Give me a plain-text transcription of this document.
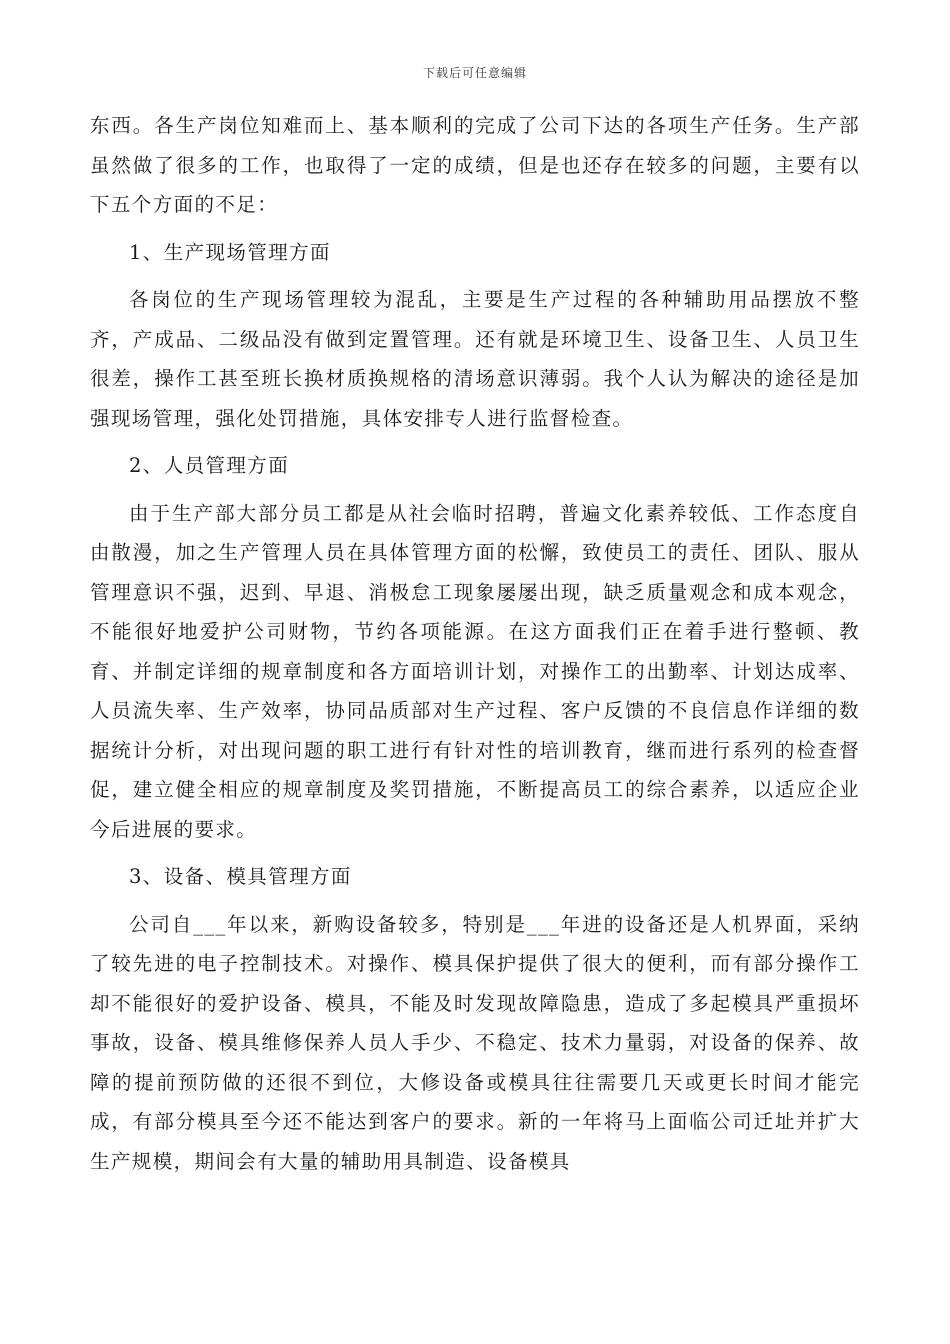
下载后可任意编辑

东西。各生产岗位知难而上、基本顺利的完成了公司下达的各项生产任务。生产部虽然做了很多的工作，也取得了一定的成绩，但是也还存在较多的问题，主要有以下五个方面的不足：

1、生产现场管理方面

各岗位的生产现场管理较为混乱，主要是生产过程的各种辅助用品摆放不整齐，产成品、二级品没有做到定置管理。还有就是环境卫生、设备卫生、人员卫生很差，操作工甚至班长换材质换规格的清场意识薄弱。我个人认为解决的途径是加强现场管理，强化处罚措施，具体安排专人进行监督检查。

2、人员管理方面

由于生产部大部分员工都是从社会临时招聘，普遍文化素养较低、工作态度自由散漫，加之生产管理人员在具体管理方面的松懈，致使员工的责任、团队、服从管理意识不强，迟到、早退、消极怠工现象屡屡出现，缺乏质量观念和成本观念，不能很好地爱护公司财物，节约各项能源。在这方面我们正在着手进行整顿、教育、并制定详细的规章制度和各方面培训计划，对操作工的出勤率、计划达成率、人员流失率、生产效率，协同品质部对生产过程、客户反馈的不良信息作详细的数据统计分析，对出现问题的职工进行有针对性的培训教育，继而进行系列的检查督促，建立健全相应的规章制度及奖罚措施，不断提高员工的综合素养，以适应企业今后进展的要求。

3、设备、模具管理方面

公司自___年以来，新购设备较多，特别是___年进的设备还是人机界面，采纳了较先进的电子控制技术。对操作、模具保护提供了很大的便利，而有部分操作工却不能很好的爱护设备、模具，不能及时发现故障隐患，造成了多起模具严重损坏事故，设备、模具维修保养人员人手少、不稳定、技术力量弱，对设备的保养、故障的提前预防做的还很不到位，大修设备或模具往往需要几天或更长时间才能完成，有部分模具至今还不能达到客户的要求。新的一年将马上面临公司迁址并扩大生产规模，期间会有大量的辅助用具制造、设备模具
